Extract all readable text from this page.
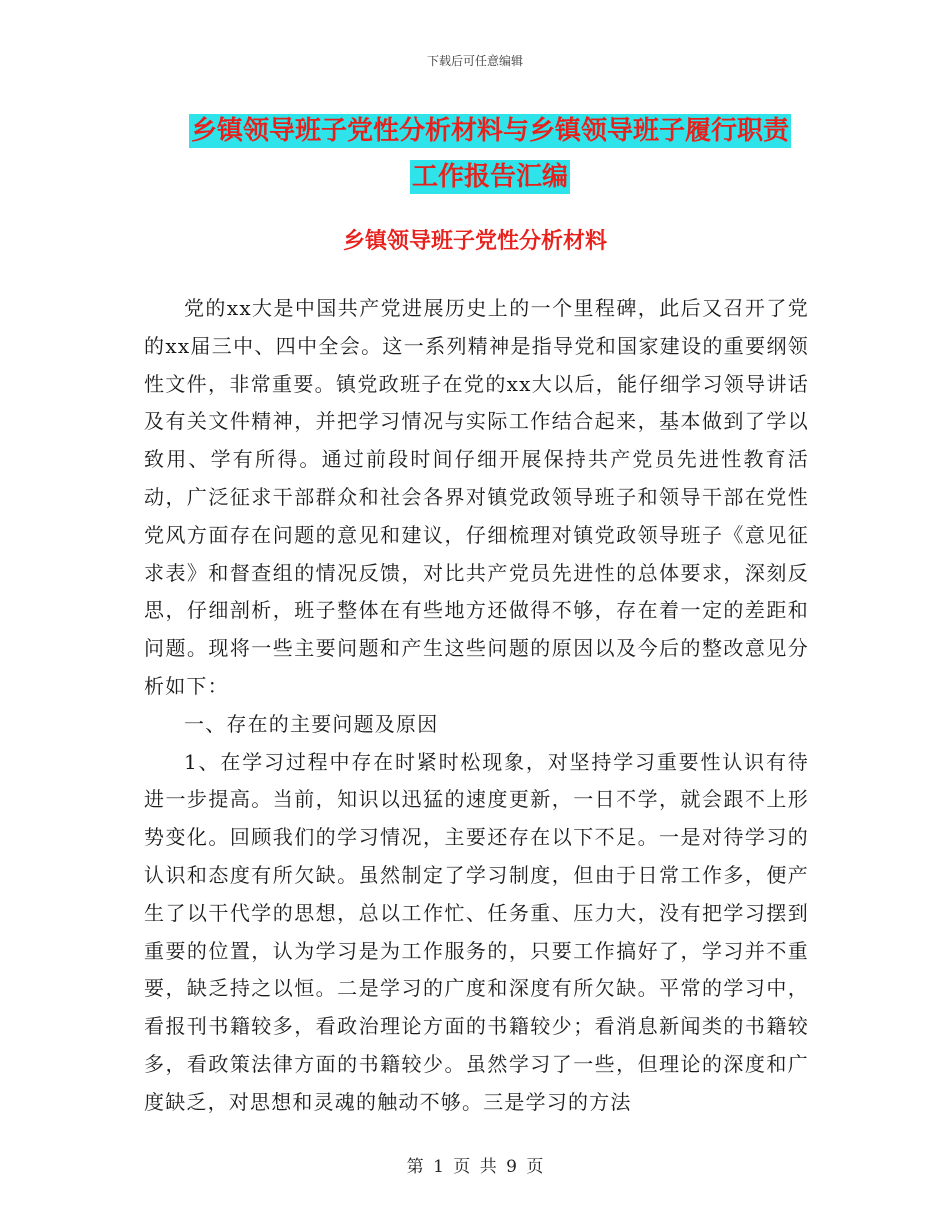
下载后可任意编辑
乡镇领导班子党性分析材料与乡镇领导班子履行职责
工作报告汇编
乡镇领导班子党性分析材料

党的xx大是中国共产党进展历史上的一个里程碑，此后又召开了党的xx届三中、四中全会。这一系列精神是指导党和国家建设的重要纲领性文件，非常重要。镇党政班子在党的xx大以后，能仔细学习领导讲话及有关文件精神，并把学习情况与实际工作结合起来，基本做到了学以致用、学有所得。通过前段时间仔细开展保持共产党员先进性教育活动，广泛征求干部群众和社会各界对镇党政领导班子和领导干部在党性党风方面存在问题的意见和建议，仔细梳理对镇党政领导班子《意见征求表》和督查组的情况反馈，对比共产党员先进性的总体要求，深刻反思，仔细剖析，班子整体在有些地方还做得不够，存在着一定的差距和问题。现将一些主要问题和产生这些问题的原因以及今后的整改意见分析如下：

一、存在的主要问题及原因

1、在学习过程中存在时紧时松现象，对坚持学习重要性认识有待进一步提高。当前，知识以迅猛的速度更新，一日不学，就会跟不上形势变化。回顾我们的学习情况，主要还存在以下不足。一是对待学习的认识和态度有所欠缺。虽然制定了学习制度，但由于日常工作多，便产生了以干代学的思想，总以工作忙、任务重、压力大，没有把学习摆到重要的位置，认为学习是为工作服务的，只要工作搞好了，学习并不重要，缺乏持之以恒。二是学习的广度和深度有所欠缺。平常的学习中，看报刊书籍较多，看政治理论方面的书籍较少；看消息新闻类的书籍较多，看政策法律方面的书籍较少。虽然学习了一些，但理论的深度和广度缺乏，对思想和灵魂的触动不够。三是学习的方法

第 1 页 共 9 页
